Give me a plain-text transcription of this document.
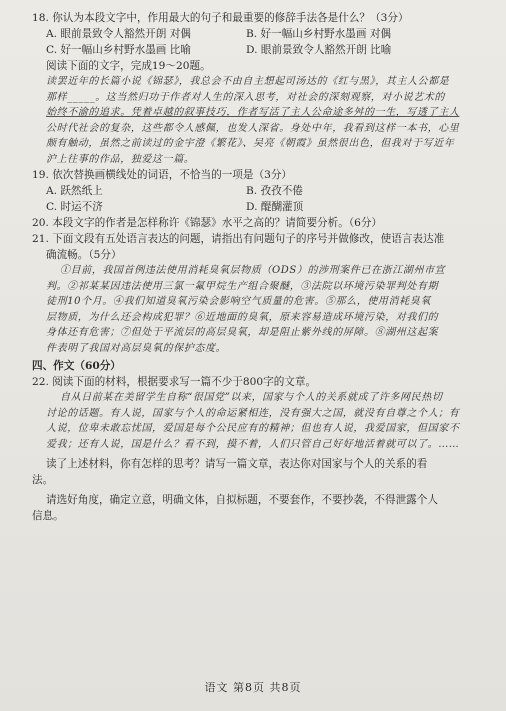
18. 你认为本段文字中，作用最大的句子和最重要的修辞手法各是什么？（3分）
A. 眼前景致令人豁然开朗 对偶	B. 好一幅山乡村野水墨画 对偶
C. 好一幅山乡村野水墨画 比喻	D. 眼前景致令人豁然开朗 比喻
阅读下面的文字，完成19～20题。
读罢近年的长篇小说《锦瑟》，我总会不由自主想起司汤达的《红与黑》，其主人公都是
那样_____。这当然归功于作者对人生的深入思考，对社会的深刻观察，对小说艺术的
始终不渝的追求。凭着卓越的叙事技巧，作者写活了主人公命途多舛的一生，写透了主人
公时代社会的复杂，这些都令人感佩，也发人深省。身处中年，我看到这样一本书，心里
颇有触动，虽然之前读过的金宇澄《繁花》、吴亮《朝霞》虽然很出色，但我对于写近年
沪上往事的作品，独爱这一篇。
19. 依次替换画横线处的词语，不恰当的一项是（3分）
A. 跃然纸上	B. 孜孜不倦
C. 时运不济	D. 醍醐灌顶
20. 本段文字的作者是怎样称许《锦瑟》水平之高的？请简要分析。（6分）
21. 下面文段有五处语言表达的问题，请指出有问题句子的序号并做修改，使语言表达准
确流畅。（5分）
①目前，我国首例违法使用消耗臭氧层物质（ODS）的涉刑案件已在浙江湖州市宣
判。②祁某某因违法使用三氯一氟甲烷生产组合聚醚，③法院以环境污染罪判处有期
徒刑10个月。④我们知道臭氧污染会影响空气质量的危害。⑤那么，使用消耗臭氧
层物质，为什么还会构成犯罪？⑥近地面的臭氧，原来容易造成环境污染，对我们的
身体还有危害；⑦但处于平流层的高层臭氧，却是阻止紫外线的屏障。⑧湖州这起案
件表明了我国对高层臭氧的保护态度。
四、作文（60分）
22. 阅读下面的材料，根据要求写一篇不少于800字的文章。
自从日前某在美留学生自称“很国党”以来，国家与个人的关系就成了许多网民热切
讨论的话题。有人说，国家与个人的命运紧相连，没有强大之国，就没有自尊之个人；有
人说，位卑未敢忘忧国，爱国是每个公民应有的精神；但也有人说，我爱国家，但国家不
爱我；还有人说，国是什么？看不到，摸不着，人们只管自己好好地活着就可以了。……
读了上述材料，你有怎样的思考？请写一篇文章，表达你对国家与个人的关系的看
法。
请选好角度，确定立意，明确文体，自拟标题，不要套作，不要抄袭，不得泄露个人
信息。
语文 第8页 共8页
